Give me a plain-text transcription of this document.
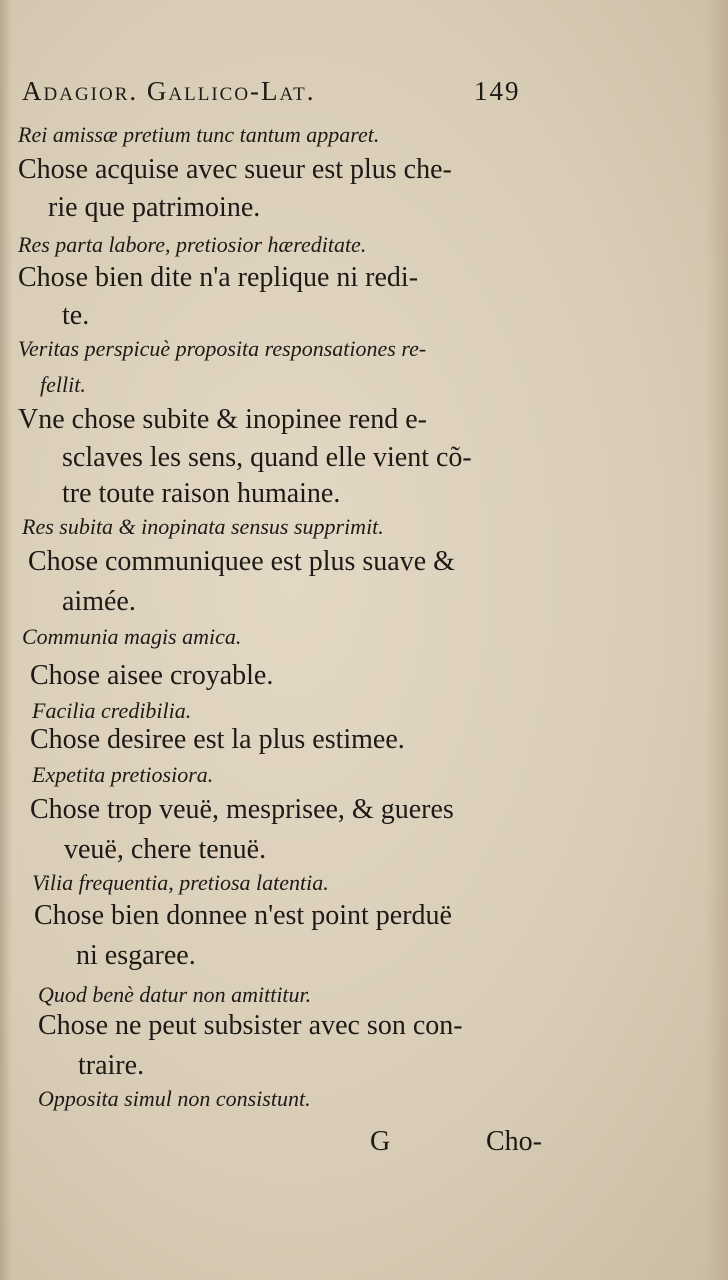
Adagior. Gallico-Lat.	149
Rei amissæ pretium tunc tantum apparet.
Chose acquise avec sueur est plus che-
rie que patrimoine.
Res parta labore, pretiosior hæreditate.
Chose bien dite n'a replique ni redi-
te.
Veritas perspicuè proposita responsationes re-
fellit.
Vne chose subite & inopinee rend e-
sclaves les sens, quand elle vient cõ-
tre toute raison humaine.
Res subita & inopinata sensus supprimit.
Chose communiquee est plus suave &
aimée.
Communia magis amica.
Chose aisee croyable.
Facilia credibilia.
Chose desiree est la plus estimee.
Expetita pretiosiora.
Chose trop veuë, mesprisee, & gueres
veuë, chere tenuë.
Vilia frequentia, pretiosa latentia.
Chose bien donnee n'est point perduë
ni esgaree.
Quod benè datur non amittitur.
Chose ne peut subsister avec son con-
traire.
Opposita simul non consistunt.
G	Cho-
